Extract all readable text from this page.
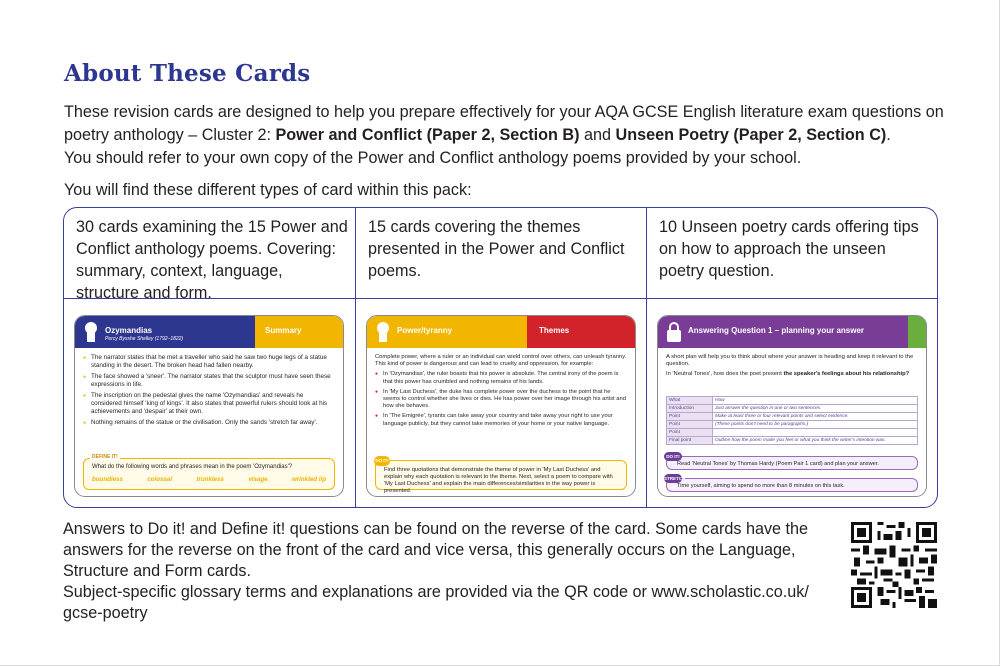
About These Cards
These revision cards are designed to help you prepare effectively for your AQA GCSE English literature exam questions on
poetry anthology – Cluster 2: Power and Conflict (Paper 2, Section B) and Unseen Poetry (Paper 2, Section C).
You should refer to your own copy of the Power and Conflict anthology poems provided by your school.
You will find these different types of card within this pack:
30 cards examining the 15 Power and Conflict anthology poems. Covering: summary, context, language, structure and form.
Ozymandias
Percy Bysshe Shelley (1792–1822)
Summary
● The narrator states that he met a traveller who said he saw two huge legs of a statue standing in the desert. The broken head had fallen nearby.
● The face showed a 'sneer'. The narrator states that the sculptor must have seen these expressions in life.
● The inscription on the pedestal gives the name 'Ozymandias' and reveals he considered himself 'king of kings'. It also states that powerful rulers should look at his achievements and 'despair' at their own.
● Nothing remains of the statue or the civilisation. Only the sands 'stretch far away'.
DEFINE IT!
What do the following words and phrases mean in the poem 'Ozymandias'?
boundless	colossal	trunkless	visage	wrinkled lip
15 cards covering the themes presented in the Power and Conflict poems.
Power/tyranny	Themes

Complete power, where a ruler or an individual can wield control over others, can unleash tyranny. This kind of power is dangerous and can lead to cruelty and oppression, for example:

● In 'Ozymandias', the ruler boasts that his power is absolute. The central irony of the poem is that this power has crumbled and nothing remains of his lands.
● In 'My Last Duchess', the duke has complete power over the duchess to the point that he seems to control whether she lives or dies. He has power over her image through his artist and how she behaves.
● In 'The Emigrée', tyrants can take away your country and take away your right to use your language publicly, but they cannot take memories of your home or your native language.
DO IT!
Find three quotations that demonstrate the theme of power in 'My Last Duchess' and explain why each quotation is relevant to the theme. Next, select a poem to compare with 'My Last Duchess' and explain the main differences/similarities in the way power is presented.
10 Unseen poetry cards offering tips on how to approach the unseen poetry question.
Answering Question 1 – planning your answer

A short plan will help you to think about where your answer is heading and keep it relevant to the question.

In 'Neutral Tones', how does the poet present the speaker's feelings about his relationship?

What	How
Introduction	Just answer the question in one or two sentences.
Point	Make at least three or four relevant points and select evidence.
Point	(These points don't need to be paragraphs.)
Point	
Final point	Outline how the poem made you feel or what you think the writer's intention was.
DO IT!
Read 'Neutral Tones' by Thomas Hardy (Poem Pair 1 card) and plan your answer.
STRETCH IT! Time yourself, aiming to spend no more than 8 minutes on this task.
Answers to Do it! and Define it! questions can be found on the reverse of the card. Some cards have the answers for the reverse on the front of the card and vice versa, this generally occurs on the Language, Structure and Form cards.
Subject-specific glossary terms and explanations are provided via the QR code or www.scholastic.co.uk/ gcse-poetry
